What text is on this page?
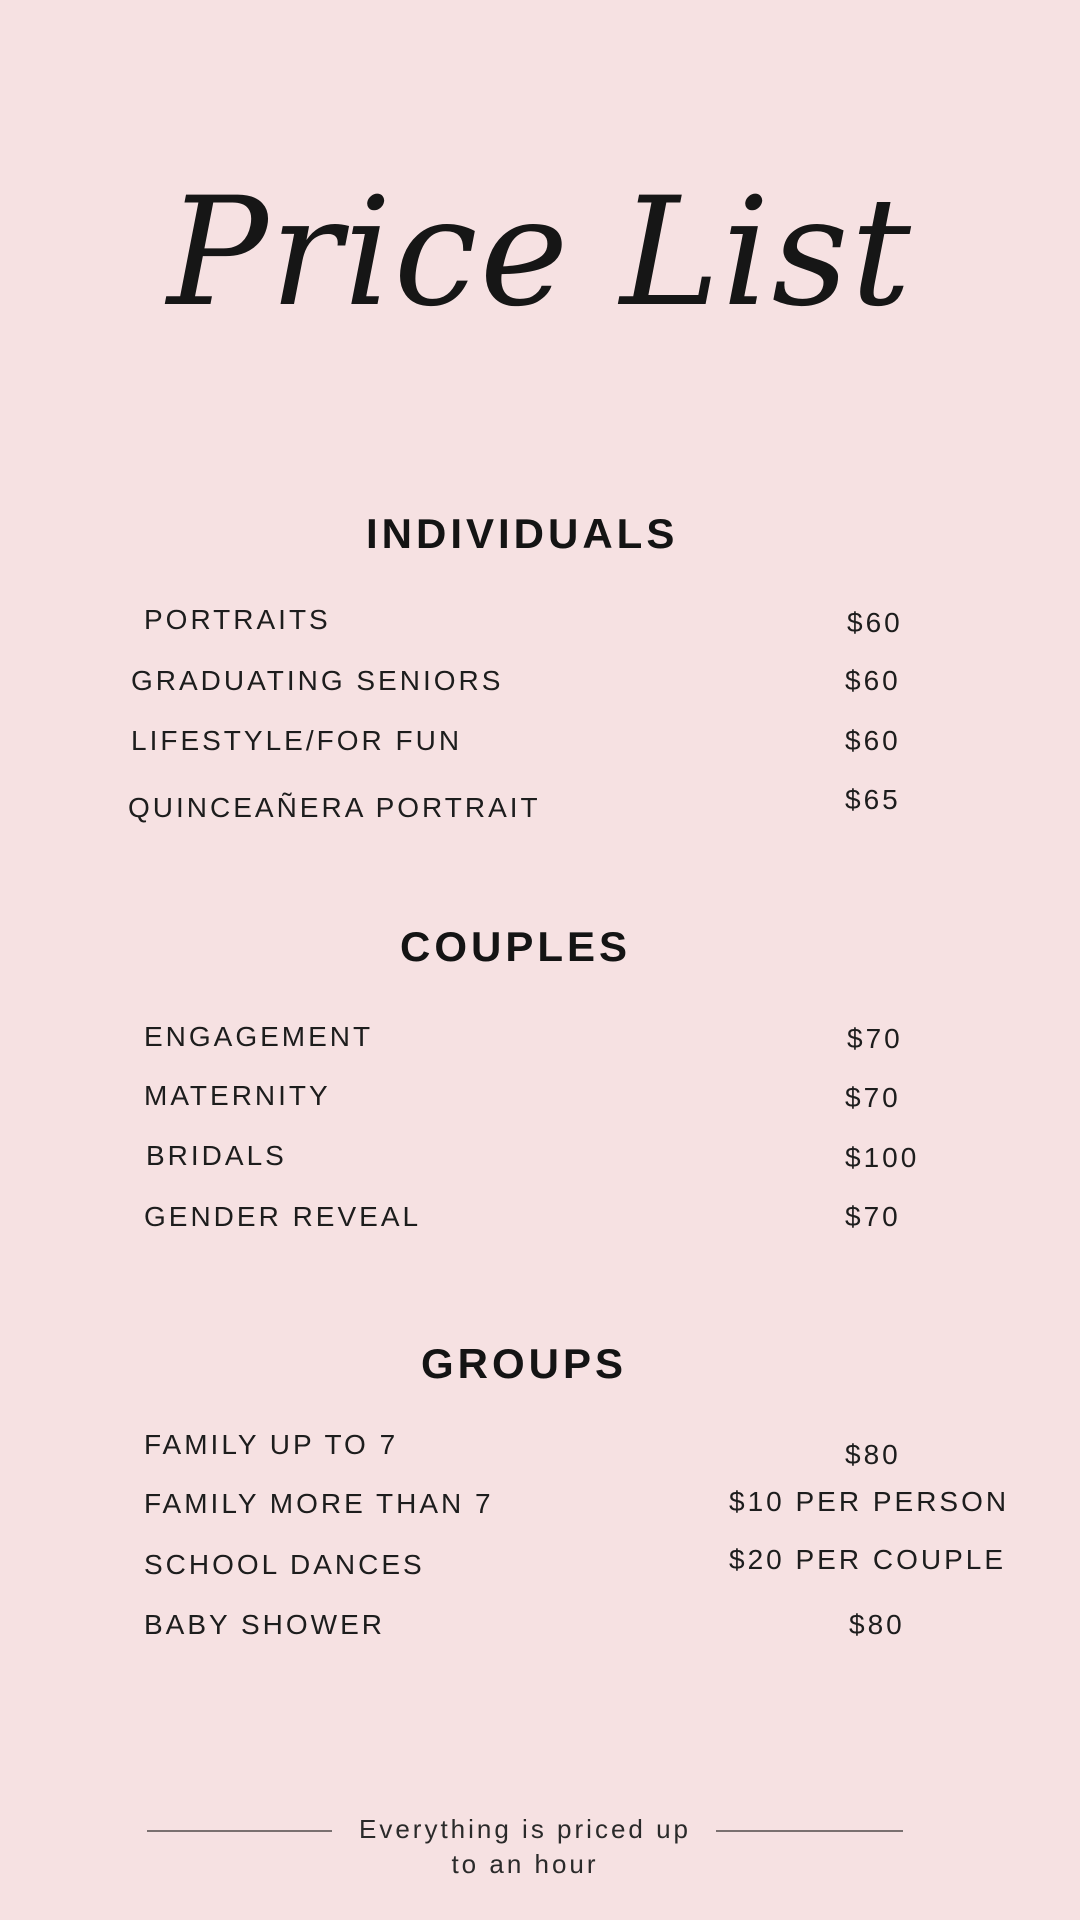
Price List
INDIVIDUALS
PORTRAITS	$60
GRADUATING SENIORS	$60
LIFESTYLE/FOR FUN	$60
QUINCEAÑERA PORTRAIT	$65
COUPLES
ENGAGEMENT	$70
MATERNITY	$70
BRIDALS	$100
GENDER REVEAL	$70
GROUPS
FAMILY UP TO 7	$80
FAMILY MORE THAN 7	$10 PER PERSON
SCHOOL DANCES	$20 PER COUPLE
BABY SHOWER	$80
Everything is priced up
to an hour
